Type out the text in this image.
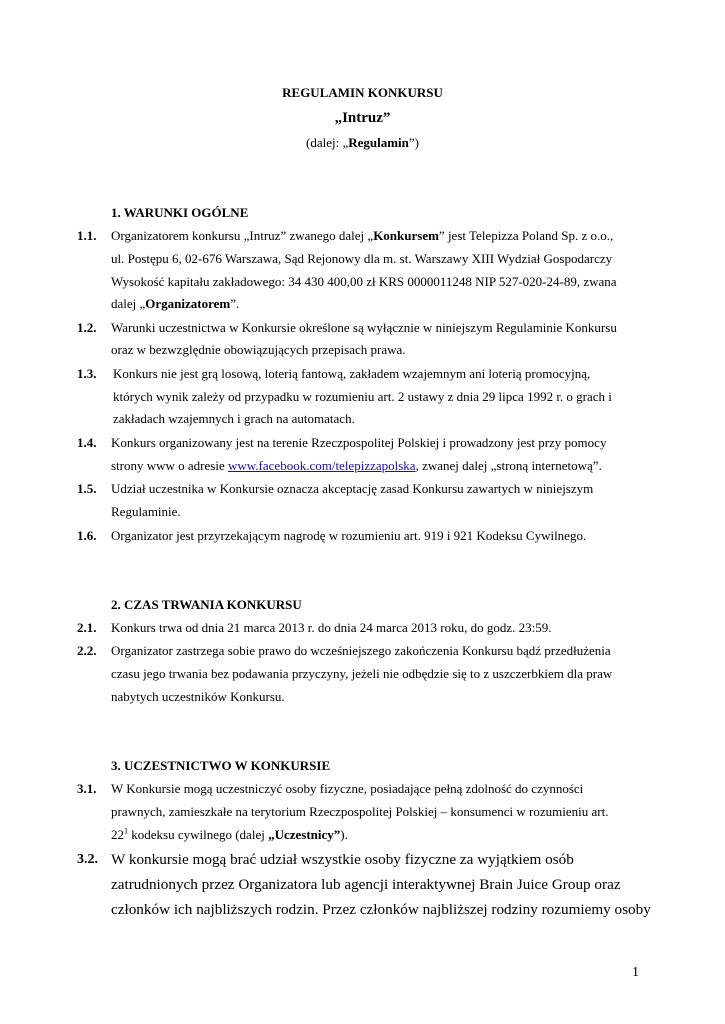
REGULAMIN KONKURSU
„Intruz”
(dalej: „Regulamin”)
1. WARUNKI OGÓLNE
1.1. Organizatorem konkursu „Intruz” zwanego dalej „Konkursem” jest Telepizza Poland Sp. z o.o.,
ul. Postępu 6, 02-676 Warszawa, Sąd Rejonowy dla m. st. Warszawy XIII Wydział Gospodarczy
Wysokość kapitału zakładowego: 34 430 400,00 zł KRS 0000011248 NIP 527-020-24-89, zwana
dalej „Organizatorem”.
1.2. Warunki uczestnictwa w Konkursie określone są wyłącznie w niniejszym Regulaminie Konkursu
oraz w bezwzględnie obowiązujących przepisach prawa.
1.3. Konkurs nie jest grą losową, loterią fantową, zakładem wzajemnym ani loterią promocyjną,
których wynik zależy od przypadku w rozumieniu art. 2 ustawy z dnia 29 lipca 1992 r. o grach i
zakładach wzajemnych i grach na automatach.
1.4. Konkurs organizowany jest na terenie Rzeczpospolitej Polskiej i prowadzony jest przy pomocy
strony www o adresie www.facebook.com/telepizzapolska, zwanej dalej „stroną internetową”.
1.5. Udział uczestnika w Konkursie oznacza akceptację zasad Konkursu zawartych w niniejszym
Regulaminie.
1.6. Organizator jest przyrzekającym nagrodę w rozumieniu art. 919 i 921 Kodeksu Cywilnego.
2. CZAS TRWANIA KONKURSU
2.1. Konkurs trwa od dnia 21 marca 2013 r. do dnia 24 marca 2013 roku, do godz. 23:59.
2.2. Organizator zastrzega sobie prawo do wcześniejszego zakończenia Konkursu bądź przedłużenia
czasu jego trwania bez podawania przyczyny, jeżeli nie odbędzie się to z uszczerbkiem dla praw
nabytych uczestników Konkursu.
3. UCZESTNICTWO W KONKURSIE
3.1. W Konkursie mogą uczestniczyć osoby fizyczne, posiadające pełną zdolność do czynności
prawnych, zamieszkałe na terytorium Rzeczpospolitej Polskiej – konsumenci w rozumieniu art.
$22^1$ kodeksu cywilnego (dalej „Uczestnicy”).
3.2. W konkursie mogą brać udział wszystkie osoby fizyczne za wyjątkiem osób
zatrudnionych przez Organizatora lub agencji interaktywnej Brain Juice Group oraz
członków ich najbliższych rodzin. Przez członków najbliższej rodziny rozumiemy osoby
1
